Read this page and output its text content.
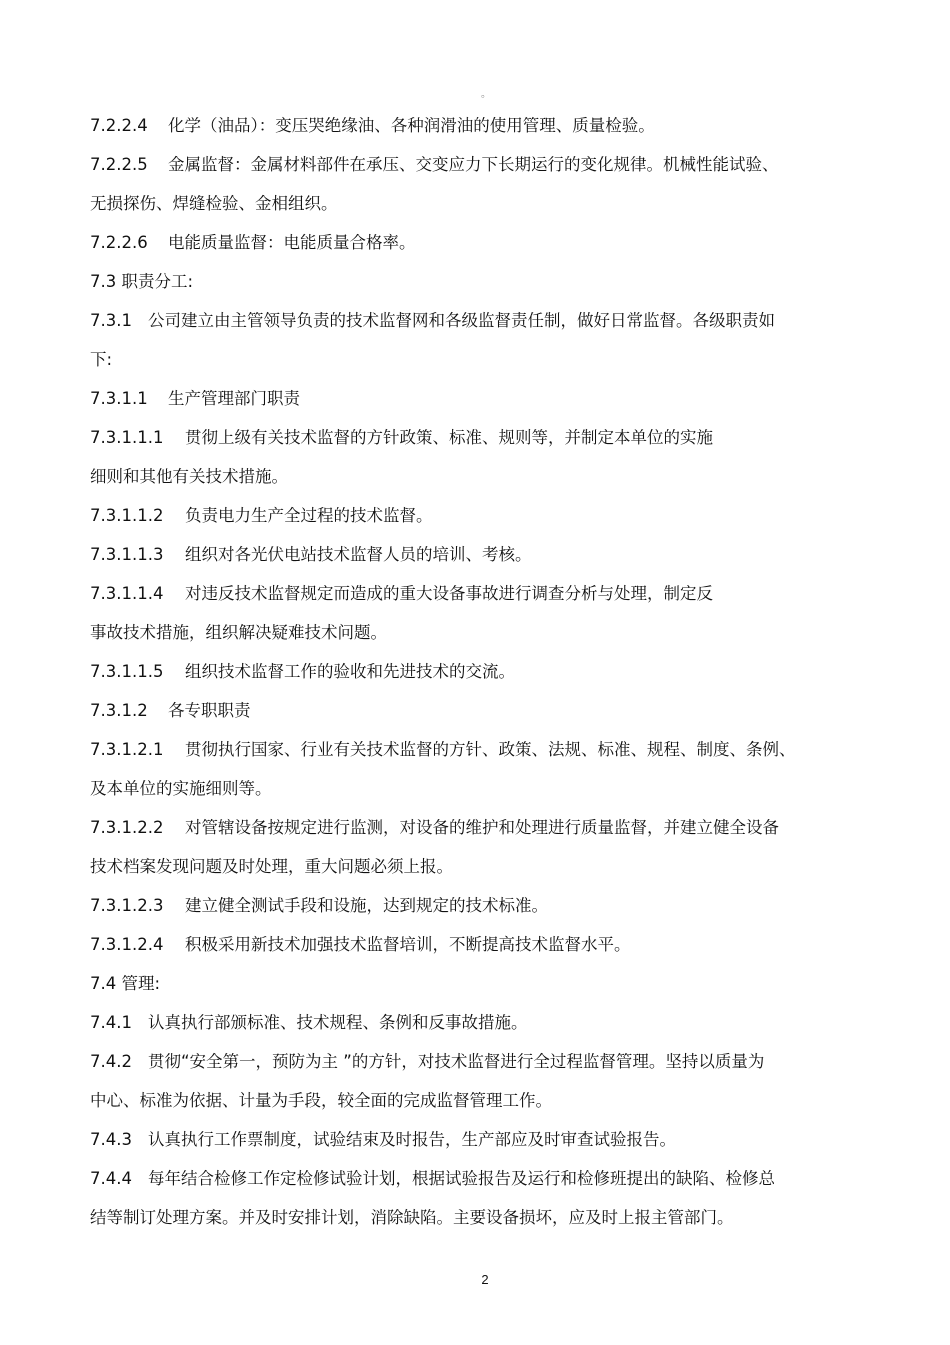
。
7.2.2.4 化学（油品）：变压哭绝缘油、各种润滑油的使用管理、质量检验。
7.2.2.5 金属监督：金属材料部件在承压、交变应力下长期运行的变化规律。机械性能试验、
无损探伤、焊缝检验、金相组织。
7.2.2.6 电能质量监督：电能质量合格率。
7.3 职责分工:
7.3.1 公司建立由主管领导负责的技术监督网和各级监督责任制，做好日常监督。各级职责如
下:
7.3.1.1 生产管理部门职责
7.3.1.1.1 贯彻上级有关技术监督的方针政策、标准、规则等，并制定本单位的实施
细则和其他有关技术措施。
7.3.1.1.2 负责电力生产全过程的技术监督。
7.3.1.1.3 组织对各光伏电站技术监督人员的培训、考核。
7.3.1.1.4 对违反技术监督规定而造成的重大设备事故进行调查分析与处理，制定反
事故技术措施，组织解决疑难技术问题。
7.3.1.1.5 组织技术监督工作的验收和先进技术的交流。
7.3.1.2 各专职职责
7.3.1.2.1 贯彻执行国家、行业有关技术监督的方针、政策、法规、标准、规程、制度、条例、
及本单位的实施细则等。
7.3.1.2.2 对管辖设备按规定进行监测，对设备的维护和处理进行质量监督，并建立健全设备
技术档案发现问题及时处理，重大问题必须上报。
7.3.1.2.3 建立健全测试手段和设施，达到规定的技术标准。
7.3.1.2.4 积极采用新技术加强技术监督培训，不断提高技术监督水平。
7.4 管理:
7.4.1 认真执行部颁标准、技术规程、条例和反事故措施。
7.4.2 贯彻“安全第一，预防为主 ”的方针，对技术监督进行全过程监督管理。坚持以质量为
中心、标准为依据、计量为手段，较全面的完成监督管理工作。
7.4.3 认真执行工作票制度，试验结束及时报告，生产部应及时审查试验报告。
7.4.4 每年结合检修工作定检修试验计划，根据试验报告及运行和检修班提出的缺陷、检修总
结等制订处理方案。并及时安排计划，消除缺陷。主要设备损坏，应及时上报主管部门。
2
